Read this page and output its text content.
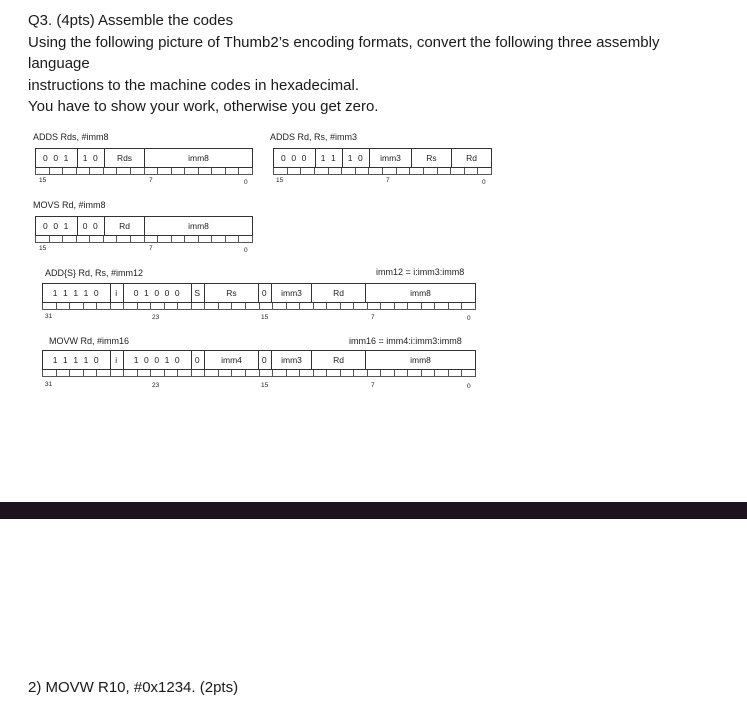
Q3. (4pts) Assemble the codes
Using the following picture of Thumb2’s encoding formats, convert the following three assembly
language
instructions to the machine codes in hexadecimal.
You have to show your work, otherwise you get zero.
ADDS Rds, #imm8
0 0 1	1 0	Rds	imm8
15	7	0
ADDS Rd, Rs, #imm3
0 0 0	1 1	1 0	imm3	Rs	Rd
15	7	0
MOVS Rd, #imm8
0 0 1	0 0	Rd	imm8
15	7	0
ADD{S} Rd, Rs, #imm12	imm12 = i:imm3:imm8
1 1 1 1 0	i	0 1 0 0 0	S	Rs	0	imm3	Rd	imm8
31	23	15	7	0
MOVW Rd, #imm16	imm16 = imm4:i:imm3:imm8
1 1 1 1 0	i	1 0 0 1 0	0	imm4	0	imm3	Rd	imm8
31	23	15	7	0
2) MOVW R10, #0x1234. (2pts)
